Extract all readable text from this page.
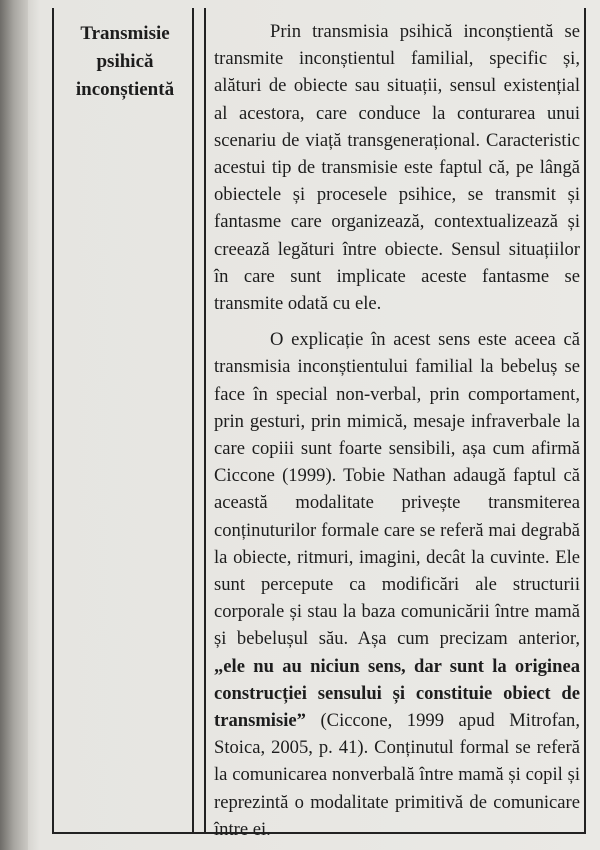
Transmisie
psihică
inconștientă

Prin transmisia psihică inconștientă se transmite inconștientul familial, specific și, alături de obiecte sau situații, sensul existențial al acestora, care conduce la conturarea unui scenariu de viață transgenerațional. Caracteristic acestui tip de transmisie este faptul că, pe lângă obiectele și procesele psihice, se transmit și fantasme care organizează, contextualizează și creează legături între obiecte. Sensul situațiilor în care sunt implicate aceste fantasme se transmite odată cu ele.

O explicație în acest sens este aceea că transmisia inconștientului familial la bebeluș se face în special non-verbal, prin comportament, prin gesturi, prin mimică, mesaje infraverbale la care copiii sunt foarte sensibili, așa cum afirmă Ciccone (1999). Tobie Nathan adaugă faptul că această modalitate privește transmiterea conținuturilor formale care se referă mai degrabă la obiecte, ritmuri, imagini, decât la cuvinte. Ele sunt percepute ca modificări ale structurii corporale și stau la baza comunicării între mamă și bebelușul său. Așa cum precizam anterior, „ele nu au niciun sens, dar sunt la originea construcției sensului și constituie obiect de transmisie” (Ciccone, 1999 apud Mitrofan, Stoica, 2005, p. 41). Conținutul formal se referă la comunicarea nonverbală între mamă și copil și reprezintă o modalitate primitivă de comunicare între ei.
